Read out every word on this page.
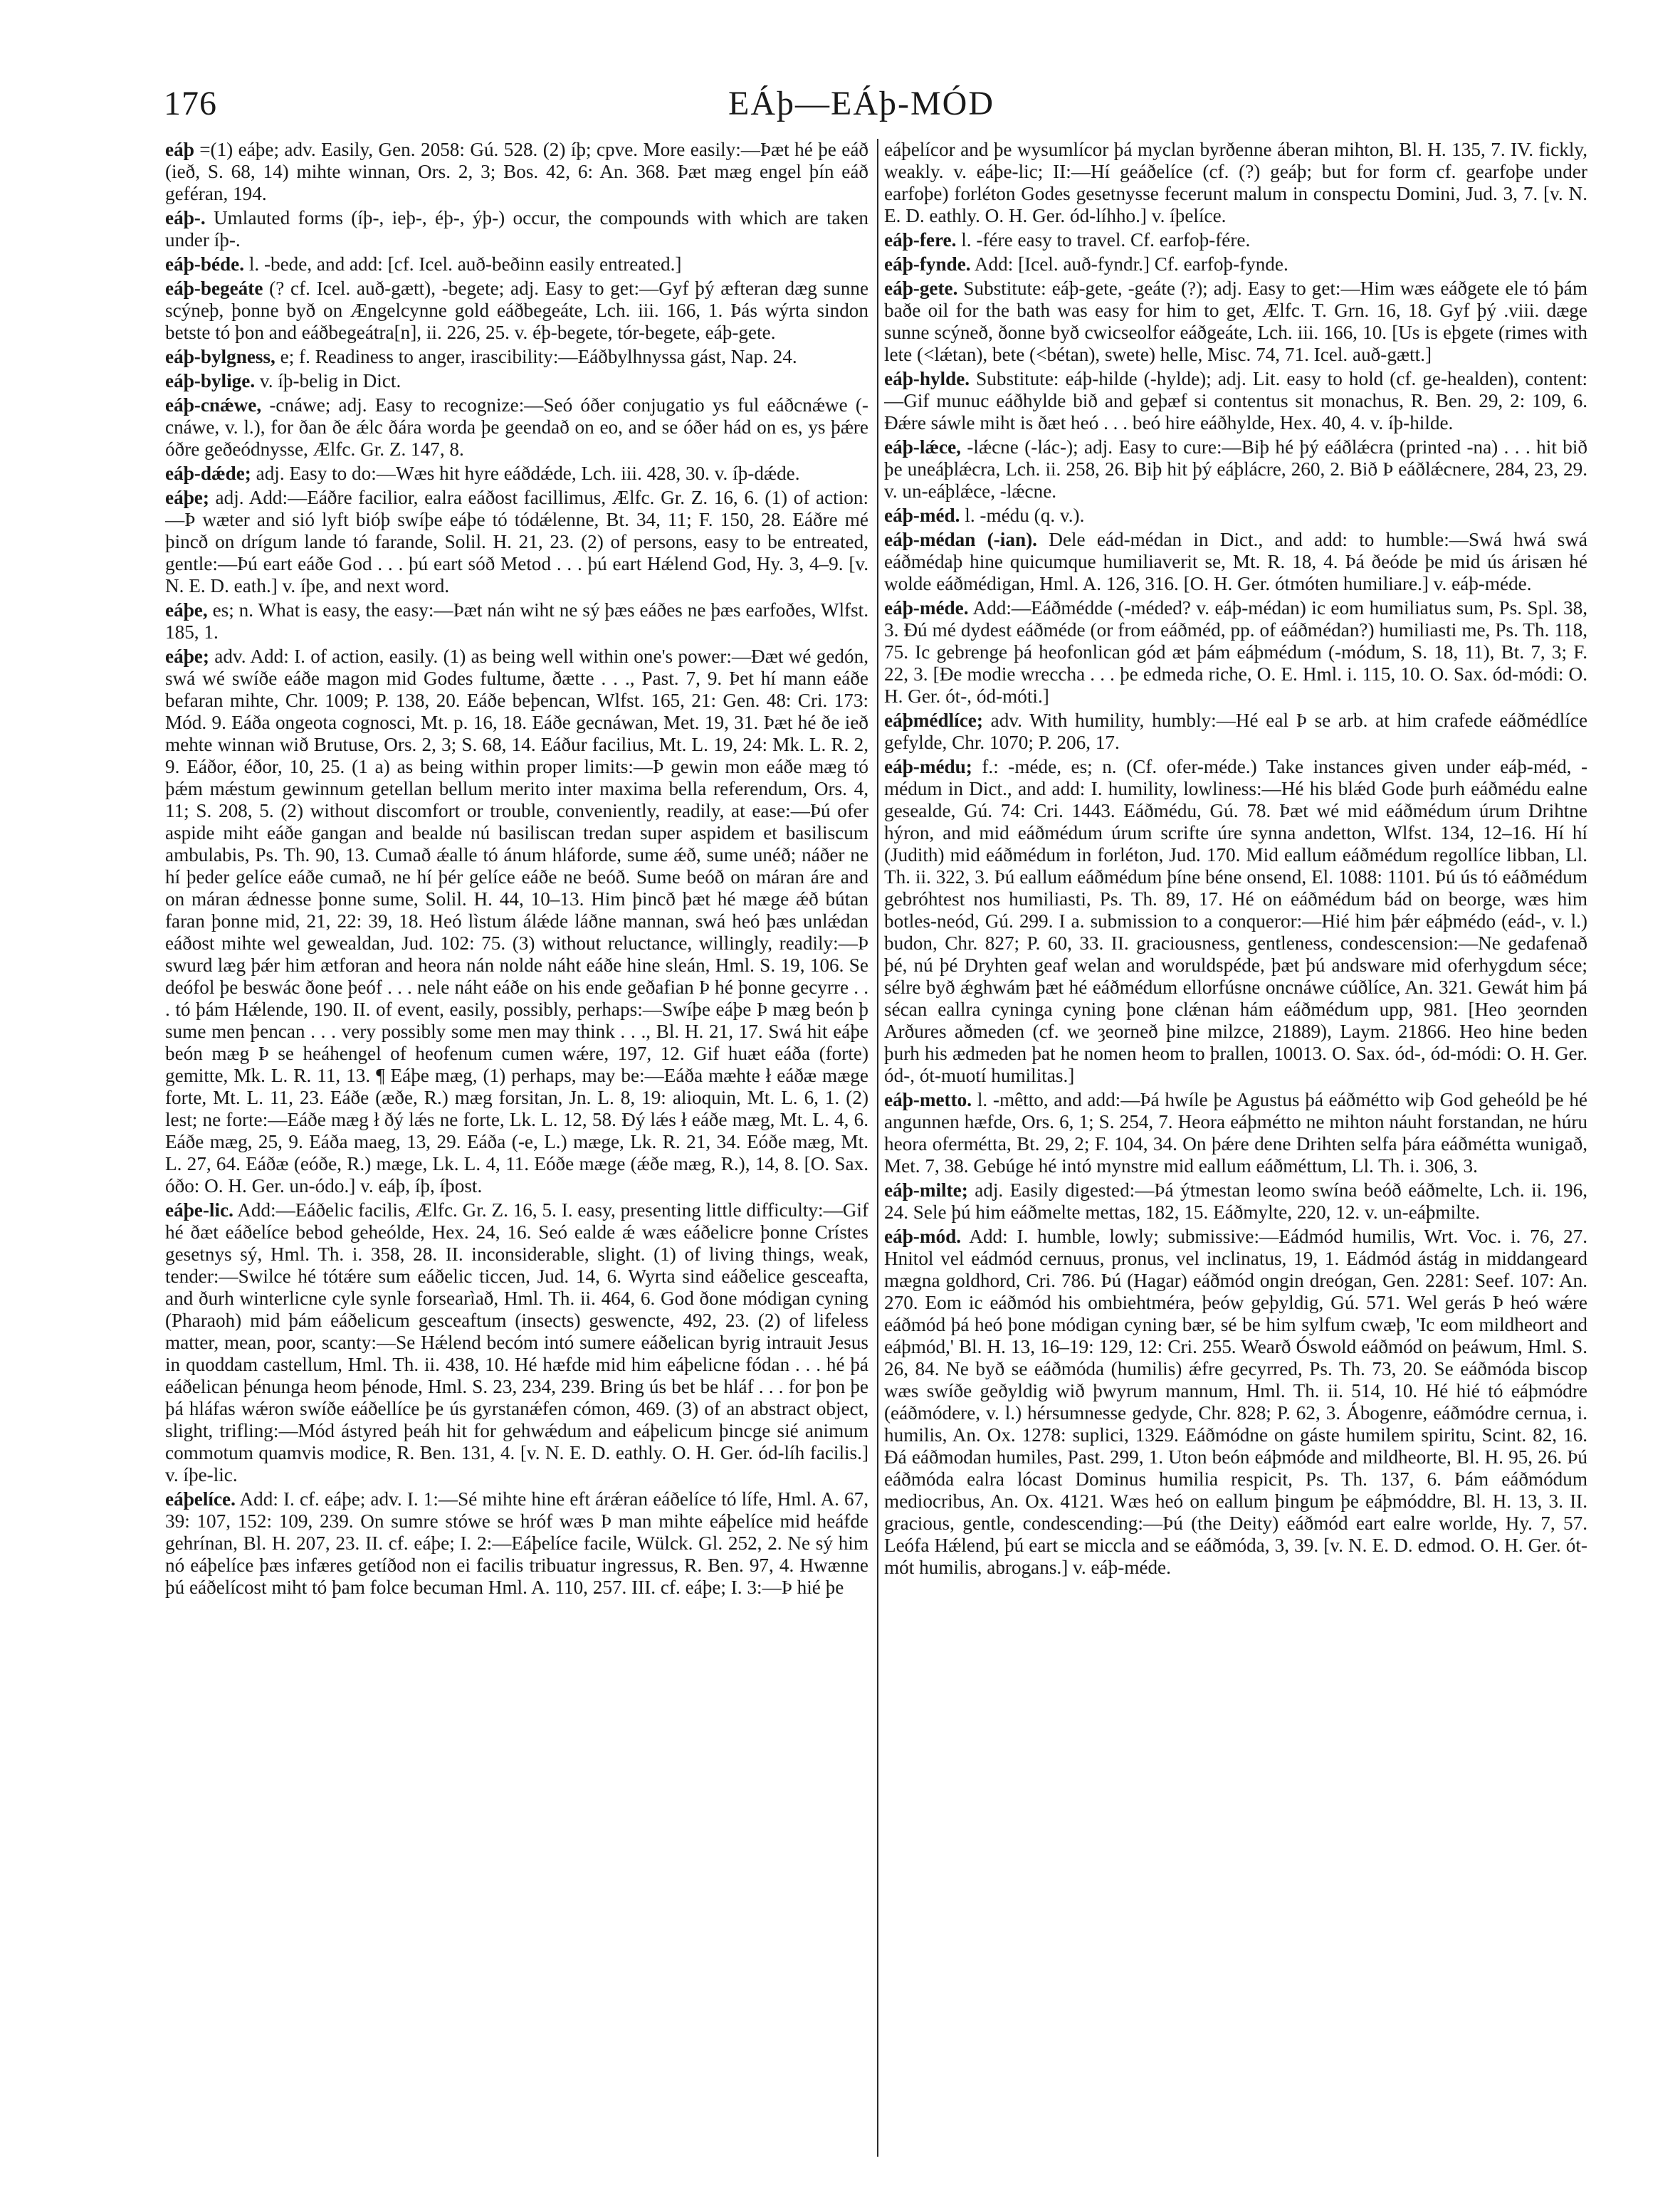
176	EÁþ—EÁþ-MÓD

eáþ =(1) eáþe; adv. Easily, Gen. 2058: Gú. 528. (2) íþ; cpve. More easily:—Þæt hé þe eáð (ieð, S. 68, 14) mihte winnan, Ors. 2, 3; Bos. 42, 6: An. 368. Þæt mæg engel þín eáð geféran, 194.

eáþ-. Umlauted forms (íþ-, ieþ-, éþ-, ýþ-) occur, the compounds with which are taken under íþ-.

eáþ-béde. l. -bede, and add: [cf. Icel. auð-beðinn easily entreated.]

eáþ-begeáte (? cf. Icel. auð-gætt), -begete; adj. Easy to get:—Gyf þý æfteran dæg sunne scýneþ, þonne byð on Ængelcynne gold eáðbegeáte, Lch. iii. 166, 1. Þás wýrta sindon betste tó þon and eáðbegeátra[n], ii. 226, 25. v. éþ-begete, tór-begete, eáþ-gete.

eáþ-bylgness, e; f. Readiness to anger, irascibility:—Eáðbylhnyssa gást, Nap. 24.

eáþ-bylige. v. íþ-belig in Dict.

eáþ-cnǽwe, -cnáwe; adj. Easy to recognize:—Seó óðer conjugatio ys ful eáðcnǽwe (-cnáwe, v. l.), for ðan ðe ǽlc ðára worda þe geendað on eo, and se óðer hád on es, ys þǽre óðre geðeódnysse, Ælfc. Gr. Z. 147, 8.

eáþ-dǽde; adj. Easy to do:—Wæs hit hyre eáðdǽde, Lch. iii. 428, 30. v. íþ-dǽde.

eáþe; adj. Add:—Eáðre facilior, ealra eáðost facillimus, Ælfc. Gr. Z. 16, 6. (1) of action:—Þ wæter and sió lyft bióþ swíþe eáþe tó tódǽlenne, Bt. 34, 11; F. 150, 28. Eáðre mé þincð on drígum lande tó farande, Solil. H. 21, 23. (2) of persons, easy to be entreated, gentle:—Þú eart eáðe God . . . þú eart sóð Metod . . . þú eart Hǽlend God, Hy. 3, 4–9. [v. N. E. D. eath.] v. íþe, and next word.

eáþe, es; n. What is easy, the easy:—Þæt nán wiht ne sý þæs eáðes ne þæs earfoðes, Wlfst. 185, 1.

eáþe; adv. Add: I. of action, easily. (1) as being well within one's power:—Ðæt wé gedón, swá wé swíðe eáðe magon mid Godes fultume, ðætte . . ., Past. 7, 9. Þet hí mann eáðe befaran mihte, Chr. 1009; P. 138, 20. Eáðe beþencan, Wlfst. 165, 21: Gen. 48: Cri. 173: Mód. 9. Eáða ongeota cognosci, Mt. p. 16, 18. Eáðe gecnáwan, Met. 19, 31. Þæt hé ðe ieð mehte winnan wið Brutuse, Ors. 2, 3; S. 68, 14. Eáður facilius, Mt. L. 19, 24: Mk. L. R. 2, 9. Eáðor, éðor, 10, 25. (1 a) as being within proper limits:—Þ gewin mon eáðe mæg tó þǽm mǽstum gewinnum getellan bellum merito inter maxima bella referendum, Ors. 4, 11; S. 208, 5. (2) without discomfort or trouble, conveniently, readily, at ease:—Þú ofer aspide miht eáðe gangan and bealde nú basiliscan tredan super aspidem et basiliscum ambulabis, Ps. Th. 90, 13. Cumað ǽalle tó ánum hláforde, sume ǽð, sume unéð; náðer ne hí þeder gelíce eáðe cumað, ne hí þér gelíce eáðe ne beóð. Sume beóð on máran áre and on máran ǽdnesse þonne sume, Solil. H. 44, 10–13. Him þincð þæt hé mæge ǽð bútan faran þonne mid, 21, 22: 39, 18. Heó lìstum álǽde láðne mannan, swá heó þæs unlǽdan eáðost mihte wel gewealdan, Jud. 102: 75. (3) without reluctance, willingly, readily:—Þ swurd læg þǽr him ætforan and heora nán nolde náht eáðe hine sleán, Hml. S. 19, 106. Se deófol þe beswác ðone þeóf . . . nele náht eáðe on his ende geðafian Þ hé þonne gecyrre . . . tó þám Hǽlende, 190. II. of event, easily, possibly, perhaps:—Swíþe eáþe Þ mæg beón þ sume men þencan . . . very possibly some men may think . . ., Bl. H. 21, 17. Swá hit eáþe beón mæg Þ se heáhengel of heofenum cumen wǽre, 197, 12. Gif huæt eáða (forte) gemitte, Mk. L. R. 11, 13. ¶ Eáþe mæg, (1) perhaps, may be:—Eáða mæhte ł eáðæ mæge forte, Mt. L. 11, 23. Eáðe (æðe, R.) mæg forsitan, Jn. L. 8, 19: alioquin, Mt. L. 6, 1. (2) lest; ne forte:—Eáðe mæg ł ðý lǽs ne forte, Lk. L. 12, 58. Ðý lǽs ł eáðe mæg, Mt. L. 4, 6. Eáðe mæg, 25, 9. Eáða maeg, 13, 29. Eáða (-e, L.) mæge, Lk. R. 21, 34. Eóðe mæg, Mt. L. 27, 64. Eáðæ (eóðe, R.) mæge, Lk. L. 4, 11. Eóðe mæge (ǽðe mæg, R.), 14, 8. [O. Sax. óðo: O. H. Ger. un-ódo.] v. eáþ, íþ, íþost.

eáþe-lic. Add:—Eáðelic facilis, Ælfc. Gr. Z. 16, 5. I. easy, presenting little difficulty:—Gif hé ðæt eáðelíce bebod geheólde, Hex. 24, 16. Seó ealde ǽ wæs eáðelicre þonne Crístes gesetnys sý, Hml. Th. i. 358, 28. II. inconsiderable, slight. (1) of living things, weak, tender:—Swilce hé tótǽre sum eáðelic ticcen, Jud. 14, 6. Wyrta sind eáðelice gesceafta, and ðurh winterlicne cyle synle forsearìað, Hml. Th. ii. 464, 6. God ðone módigan cyning (Pharaoh) mid þám eáðelicum gesceaftum (insects) geswencte, 492, 23. (2) of lifeless matter, mean, poor, scanty:—Se Hǽlend becóm intó sumere eáðelican byrig intrauit Jesus in quoddam castellum, Hml. Th. ii. 438, 10. Hé hæfde mid him eáþelicne fódan . . . hé þá eáðelican þénunga heom þénode, Hml. S. 23, 234, 239. Bring ús bet be hláf . . . for þon þe þá hláfas wǽron swíðe eáðellíce þe ús gyrstanǽfen cómon, 469. (3) of an abstract object, slight, trifling:—Mód ástyred þeáh hit for gehwǽdum and eáþelicum þincge sié animum commotum quamvis modice, R. Ben. 131, 4. [v. N. E. D. eathly. O. H. Ger. ód-líh facilis.] v. íþe-lic.

eáþelíce. Add: I. cf. eáþe; adv. I. 1:—Sé mihte hine eft árǽran eáðelíce tó lífe, Hml. A. 67, 39: 107, 152: 109, 239. On sumre stówe se hróf wæs Þ man mihte eáþelíce mid heáfde gehrínan, Bl. H. 207, 23. II. cf. eáþe; I. 2:—Eáþelíce facile, Wülck. Gl. 252, 2. Ne sý him nó eáþelíce þæs infæres getíðod non ei facilis tribuatur ingressus, R. Ben. 97, 4. Hwænne þú eáðelícost miht tó þam folce becuman Hml. A. 110, 257. III. cf. eáþe; I. 3:—Þ hié þe

eáþelícor and þe wysumlícor þá myclan byrðenne áberan mihton, Bl. H. 135, 7. IV. fickly, weakly. v. eáþe-lic; II:—Hí geáðelíce (cf. (?) geáþ; but for form cf. gearfoþe under earfoþe) forléton Godes gesetnysse fecerunt malum in conspectu Domini, Jud. 3, 7. [v. N. E. D. eathly. O. H. Ger. ód-líhho.] v. íþelíce.

eáþ-fere. l. -fére easy to travel. Cf. earfoþ-fére.

eáþ-fynde. Add: [Icel. auð-fyndr.] Cf. earfoþ-fynde.

eáþ-gete. Substitute: eáþ-gete, -geáte (?); adj. Easy to get:—Him wæs eáðgete ele tó þám baðe oil for the bath was easy for him to get, Ælfc. T. Grn. 16, 18. Gyf þý .viii. dæge sunne scýneð, ðonne byð cwicseolfor eáðgeáte, Lch. iii. 166, 10. [Us is eþgete (rimes with lete (<lǽtan), bete (<bétan), swete) helle, Misc. 74, 71. Icel. auð-gætt.]

eáþ-hylde. Substitute: eáþ-hilde (-hylde); adj. Lit. easy to hold (cf. ge-healden), content:—Gif munuc eáðhylde bið and geþæf si contentus sit monachus, R. Ben. 29, 2: 109, 6. Ðǽre sáwle miht is ðæt heó . . . beó hire eáðhylde, Hex. 40, 4. v. íþ-hilde.

eáþ-lǽce, -lǽcne (-lác-); adj. Easy to cure:—Biþ hé þý eáðlǽcra (printed -na) . . . hit bið þe uneáþlǽcra, Lch. ii. 258, 26. Biþ hit þý eáþlácre, 260, 2. Bið Þ eáðlǽcnere, 284, 23, 29. v. un-eáþlǽce, -lǽcne.

eáþ-méd. l. -médu (q. v.).

eáþ-médan (-ian). Dele eád-médan in Dict., and add: to humble:—Swá hwá swá eáðmédaþ hine quicumque humiliaverit se, Mt. R. 18, 4. Þá ðeóde þe mid ús árisæn hé wolde eáðmédigan, Hml. A. 126, 316. [O. H. Ger. ótmóten humiliare.] v. eáþ-méde.

eáþ-méde. Add:—Eáðmédde (-méded? v. eáþ-médan) ic eom humiliatus sum, Ps. Spl. 38, 3. Ðú mé dydest eáðméde (or from eáðméd, pp. of eáðmédan?) humiliasti me, Ps. Th. 118, 75. Ic gebrenge þá heofonlican gód æt þám eáþmédum (-módum, S. 18, 11), Bt. 7, 3; F. 22, 3. [Ðe modie wreccha . . . þe edmeda riche, O. E. Hml. i. 115, 10. O. Sax. ód-módi: O. H. Ger. ót-, ód-móti.]

eáþmédlíce; adv. With humility, humbly:—Hé eal Þ se arb. at him crafede eáðmédlíce gefylde, Chr. 1070; P. 206, 17.

eáþ-médu; f.: -méde, es; n. (Cf. ofer-méde.) Take instances given under eáþ-méd, -médum in Dict., and add: I. humility, lowliness:—Hé his blǽd Gode þurh eáðmédu ealne gesealde, Gú. 74: Cri. 1443. Eáðmédu, Gú. 78. Þæt wé mid eáðmédum úrum Drihtne hýron, and mid eáðmédum úrum scrifte úre synna andetton, Wlfst. 134, 12–16. Hí hí (Judith) mid eáðmédum in forléton, Jud. 170. Mid eallum eáðmédum regollíce libban, Ll. Th. ii. 322, 3. Þú eallum eáðmédum þíne béne onsend, El. 1088: 1101. Þú ús tó eáðmédum gebróhtest nos humiliasti, Ps. Th. 89, 17. Hé on eáðmédum bád on beorge, wæs him botles-neód, Gú. 299. I a. submission to a conqueror:—Hié him þǽr eáþmédo (eád-, v. l.) budon, Chr. 827; P. 60, 33. II. graciousness, gentleness, condescension:—Ne gedafenað þé, nú þé Dryhten geaf welan and woruldspéde, þæt þú andsware mid oferhygdum séce; sélre byð ǽghwám þæt hé eáðmédum ellorfúsne oncnáwe cúðlíce, An. 321. Gewát him þá sécan eallra cyninga cyning þone clǽnan hám eáðmédum upp, 981. [Heo ȝeornden Arðures aðmeden (cf. we ȝeorneð þine milzce, 21889), Laym. 21866. Heo hine beden þurh his ædmeden þat he nomen heom to þrallen, 10013. O. Sax. ód-, ód-módi: O. H. Ger. ód-, ót-muotí humilitas.]

eáþ-metto. l. -mêtto, and add:—Þá hwíle þe Agustus þá eáðmétto wiþ God geheóld þe hé angunnen hæfde, Ors. 6, 1; S. 254, 7. Heora eáþmétto ne mihton náuht forstandan, ne húru heora ofermétta, Bt. 29, 2; F. 104, 34. On þǽre dene Drihten selfa þára eáðmétta wunigað, Met. 7, 38. Gebúge hé intó mynstre mid eallum eáðméttum, Ll. Th. i. 306, 3.

eáþ-milte; adj. Easily digested:—Þá ýtmestan leomo swína beóð eáðmelte, Lch. ii. 196, 24. Sele þú him eáðmelte mettas, 182, 15. Eáðmylte, 220, 12. v. un-eáþmilte.

eáþ-mód. Add: I. humble, lowly; submissive:—Eádmód humilis, Wrt. Voc. i. 76, 27. Hnitol vel eádmód cernuus, pronus, vel inclinatus, 19, 1. Eádmód ástág in middangeard mægna goldhord, Cri. 786. Þú (Hagar) eáðmód ongin dreógan, Gen. 2281: Seef. 107: An. 270. Eom ic eáðmód his ombiehtméra, þeów geþyldig, Gú. 571. Wel gerás Þ heó wǽre eáðmód þá heó þone módigan cyning bær, sé be him sylfum cwæþ, 'Ic eom mildheort and eáþmód,' Bl. H. 13, 16–19: 129, 12: Cri. 255. Wearð Óswold eáðmód on þeáwum, Hml. S. 26, 84. Ne byð se eáðmóda (humilis) ǽfre gecyrred, Ps. Th. 73, 20. Se eáðmóda biscop wæs swíðe geðyldig wið þwyrum mannum, Hml. Th. ii. 514, 10. Hé hié tó eáþmódre (eáðmódere, v. l.) hérsumnesse gedyde, Chr. 828; P. 62, 3. Ábogenre, eáðmódre cernua, i. humilis, An. Ox. 1278: suplici, 1329. Eáðmódne on gáste humilem spiritu, Scint. 82, 16. Ðá eáðmodan humiles, Past. 299, 1. Uton beón eáþmóde and mildheorte, Bl. H. 95, 26. Þú eáðmóda ealra lócast Dominus humilia respicit, Ps. Th. 137, 6. Þám eáðmódum mediocribus, An. Ox. 4121. Wæs heó on eallum þingum þe eáþmóddre, Bl. H. 13, 3. II. gracious, gentle, condescending:—Þú (the Deity) eáðmód eart ealre worlde, Hy. 7, 57. Leófa Hǽlend, þú eart se miccla and se eáðmóda, 3, 39. [v. N. E. D. edmod. O. H. Ger. ót-mót humilis, abrogans.] v. eáþ-méde.
